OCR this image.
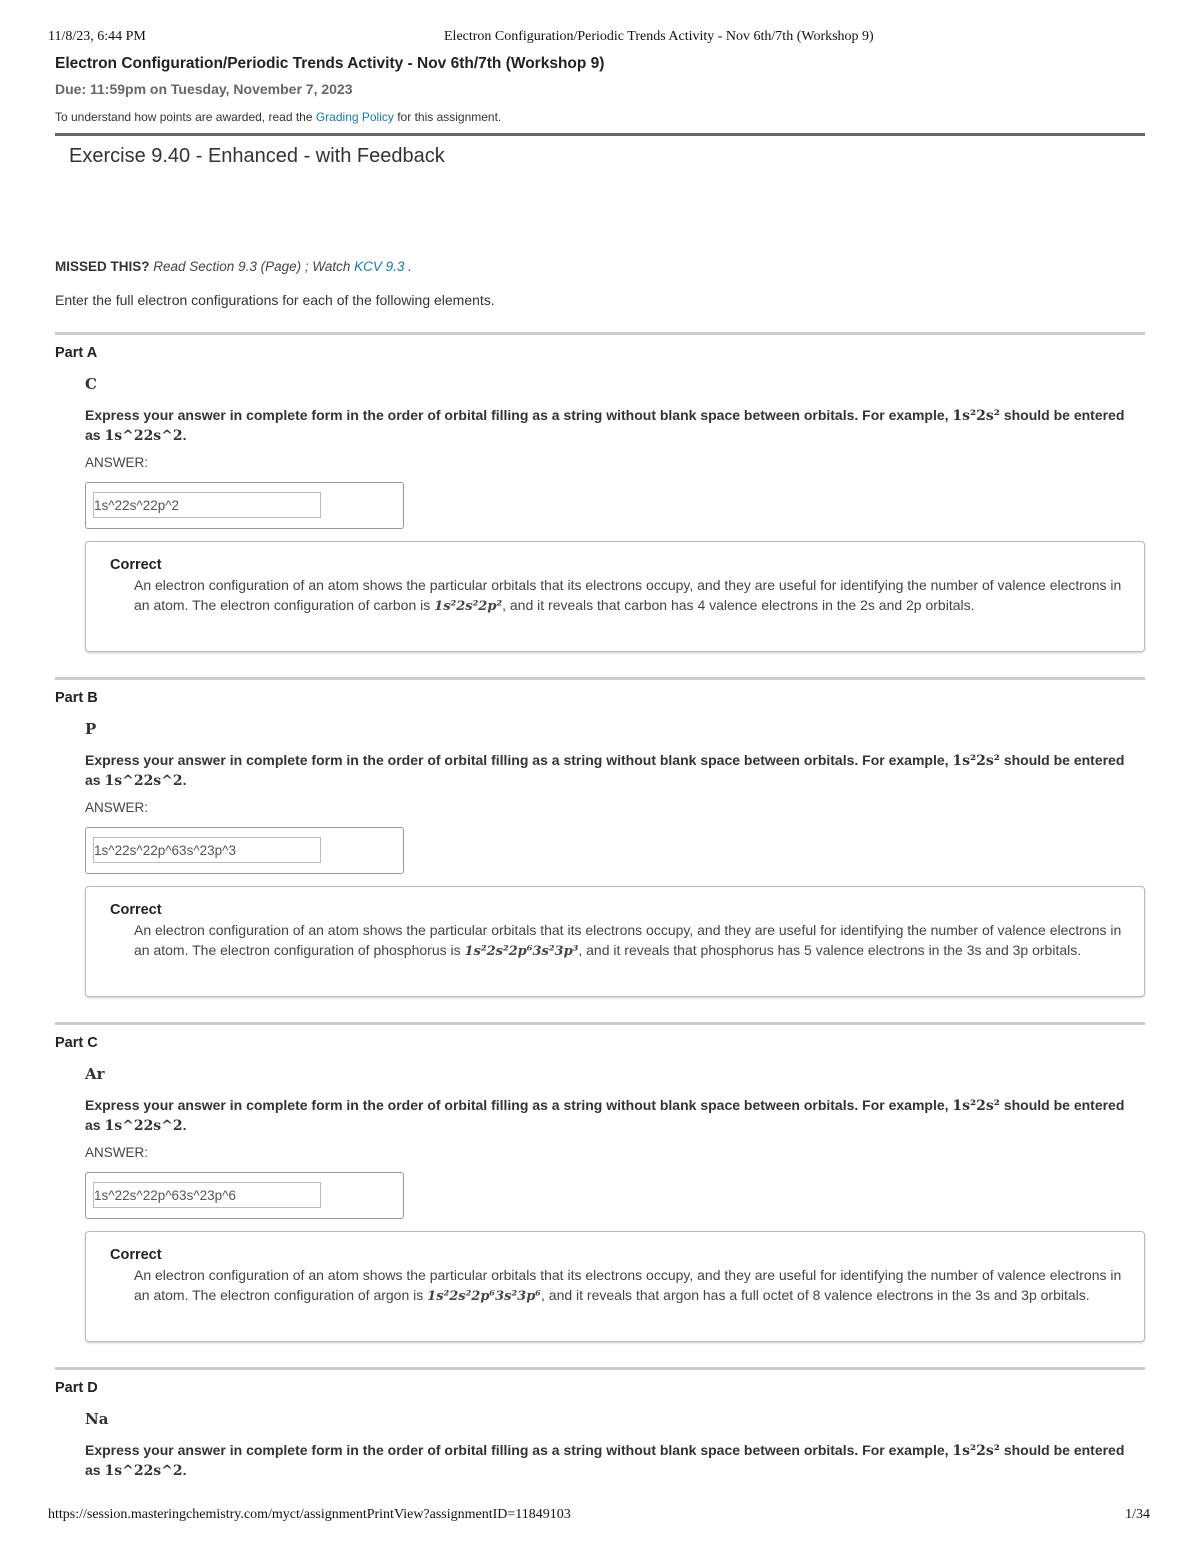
11/8/23, 6:44 PM	Electron Configuration/Periodic Trends Activity - Nov 6th/7th (Workshop 9)
Electron Configuration/Periodic Trends Activity - Nov 6th/7th (Workshop 9)
Due: 11:59pm on Tuesday, November 7, 2023
To understand how points are awarded, read the Grading Policy for this assignment.
Exercise 9.40 - Enhanced - with Feedback
MISSED THIS? Read Section 9.3 (Page) ; Watch KCV 9.3 .
Enter the full electron configurations for each of the following elements.
Part A
C
Express your answer in complete form in the order of orbital filling as a string without blank space between orbitals. For example, 1s²2s² should be entered as 1s^22s^2.
ANSWER:
1s^22s^22p^2
Correct
An electron configuration of an atom shows the particular orbitals that its electrons occupy, and they are useful for identifying the number of valence electrons in an atom. The electron configuration of carbon is 1s²2s²2p², and it reveals that carbon has 4 valence electrons in the 2s and 2p orbitals.
Part B
P
Express your answer in complete form in the order of orbital filling as a string without blank space between orbitals. For example, 1s²2s² should be entered as 1s^22s^2.
ANSWER:
1s^22s^22p^63s^23p^3
Correct
An electron configuration of an atom shows the particular orbitals that its electrons occupy, and they are useful for identifying the number of valence electrons in an atom. The electron configuration of phosphorus is 1s²2s²2p⁶3s²3p³, and it reveals that phosphorus has 5 valence electrons in the 3s and 3p orbitals.
Part C
Ar
Express your answer in complete form in the order of orbital filling as a string without blank space between orbitals. For example, 1s²2s² should be entered as 1s^22s^2.
ANSWER:
1s^22s^22p^63s^23p^6
Correct
An electron configuration of an atom shows the particular orbitals that its electrons occupy, and they are useful for identifying the number of valence electrons in an atom. The electron configuration of argon is 1s²2s²2p⁶3s²3p⁶, and it reveals that argon has a full octet of 8 valence electrons in the 3s and 3p orbitals.
Part D
Na
Express your answer in complete form in the order of orbital filling as a string without blank space between orbitals. For example, 1s²2s² should be entered as 1s^22s^2.
https://session.masteringchemistry.com/myct/assignmentPrintView?assignmentID=11849103	1/34
